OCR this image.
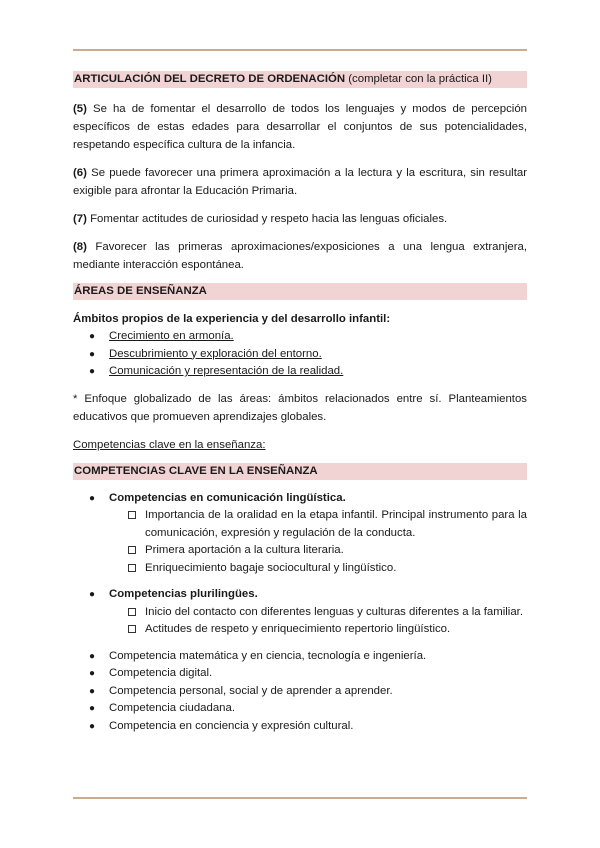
ARTICULACIÓN DEL DECRETO DE ORDENACIÓN (completar con la práctica II)

(5) Se ha de fomentar el desarrollo de todos los lenguajes y modos de percepción específicos de estas edades para desarrollar el conjuntos de sus potencialidades, respetando específica cultura de la infancia.

(6) Se puede favorecer una primera aproximación a la lectura y la escritura, sin resultar exigible para afrontar la Educación Primaria.

(7) Fomentar actitudes de curiosidad y respeto hacia las lenguas oficiales.

(8) Favorecer las primeras aproximaciones/exposiciones a una lengua extranjera, mediante interacción espontánea.

ÁREAS DE ENSEÑANZA

Ámbitos propios de la experiencia y del desarrollo infantil:

● Crecimiento en armonía.
● Descubrimiento y exploración del entorno.
● Comunicación y representación de la realidad.

* Enfoque globalizado de las áreas: ámbitos relacionados entre sí. Planteamientos educativos que promueven aprendizajes globales.

Competencias clave en la enseñanza:

COMPETENCIAS CLAVE EN LA ENSEÑANZA
● Competencias en comunicación lingüística.
Importancia de la oralidad en la etapa infantil. Principal instrumento para la comunicación, expresión y regulación de la conducta.
Primera aportación a la cultura literaria.
Enriquecimiento bagaje sociocultural y lingüístico.
● Competencias plurilingües.
Inicio del contacto con diferentes lenguas y culturas diferentes a la familiar.
Actitudes de respeto y enriquecimiento repertorio lingüístico.
● Competencia matemática y en ciencia, tecnología e ingeniería.
● Competencia digital.
● Competencia personal, social y de aprender a aprender.
● Competencia ciudadana.
● Competencia en conciencia y expresión cultural.
